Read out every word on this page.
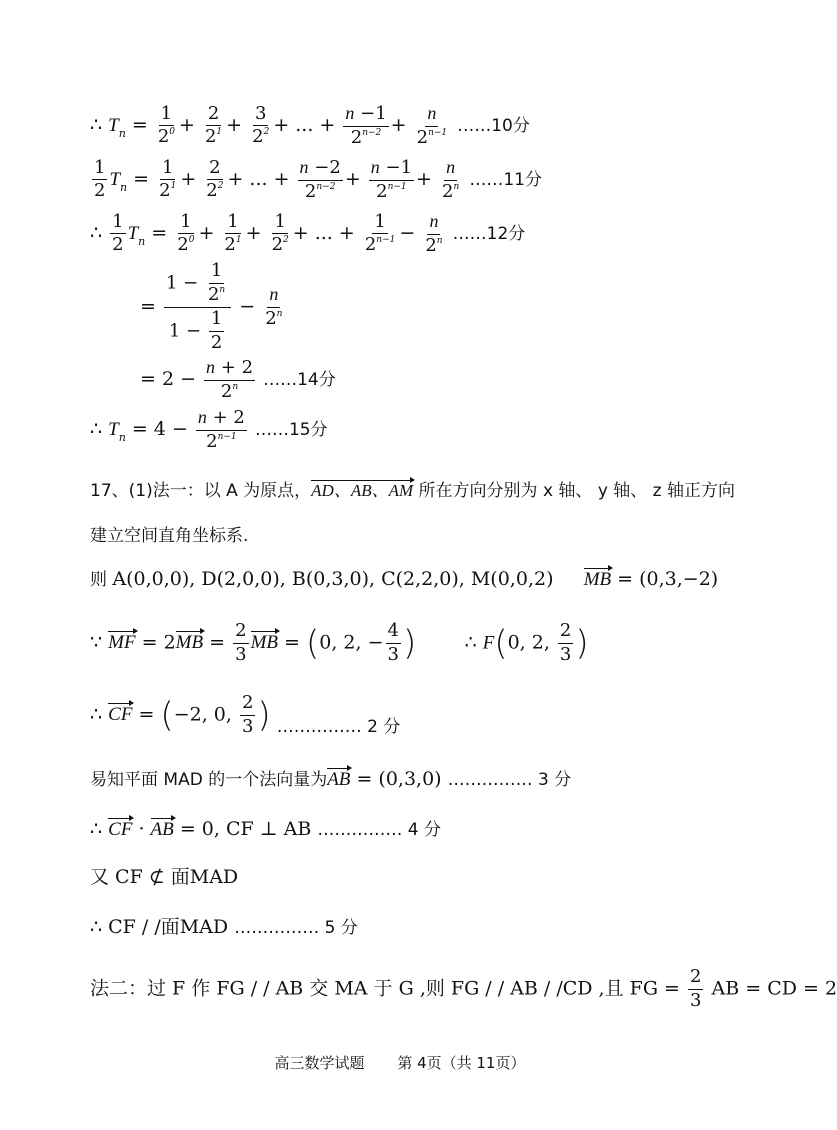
∴ $T_n = \frac{1}{2^0} + \frac{2}{2^1} + \frac{3}{2^2}$ + ... + $\frac{n -1}{2^{n-2}} + \frac{n}{2^{n-1}}$ ……10分
$\frac{1}{2} T_n = \frac{1}{2^1} + \frac{2}{2^2}$ + ... + $\frac{n -2}{2^{n-2}} + \frac{n -1}{2^{n-1}} + \frac{n}{2^n}$ ……11分
∴ $\frac{1}{2} T_n = \frac{1}{2^0} + \frac{1}{2^1} + \frac{1}{2^2}$ + ... + $\frac{1}{2^{n-1}} - \frac{n}{2^n}$ ……12分
= $\frac{1 - \frac{1}{2^n}}{1 - \frac{1}{2}} - \frac{n}{2^n}$
= $2 - \frac{n + 2}{2^n}$ ……14分
∴ $T_n = 4 - \frac{n + 2}{2^{n-1}}$ ……15分
17、(1)法一：以 A 为原点，AD、AB、AM 所在方向分别为 x 轴、 y 轴、 z 轴正方向
建立空间直角坐标系.
则 A(0,0,0), D(2,0,0), B(0,3,0), C(2,2,0), M(0,0,2) MB = (0,3,−2)
∵ MF = $2MB = \frac{2}{3}$ MB = (0, 2, − $\frac{4}{3}$ )        ∴ F(0, 2, $\frac{2}{3}$ )
∴ CF = (−2, 0, $\frac{2}{3}$ ) …………… 2 分
易知平面 MAD 的一个法向量为AB = (0,3,0) …………… 3 分
∴ CF · AB = 0, CF ⊥ AB …………… 4 分
又 CF ⊄ 面MAD
∴ CF / /面MAD …………… 5 分
法二：过 F 作 FG / / AB 交 MA 于 G ,则 FG / / AB / /CD ,且 FG = $\frac{2}{3}$ AB = CD = 2
高三数学试题 第 4页（共 11页）
